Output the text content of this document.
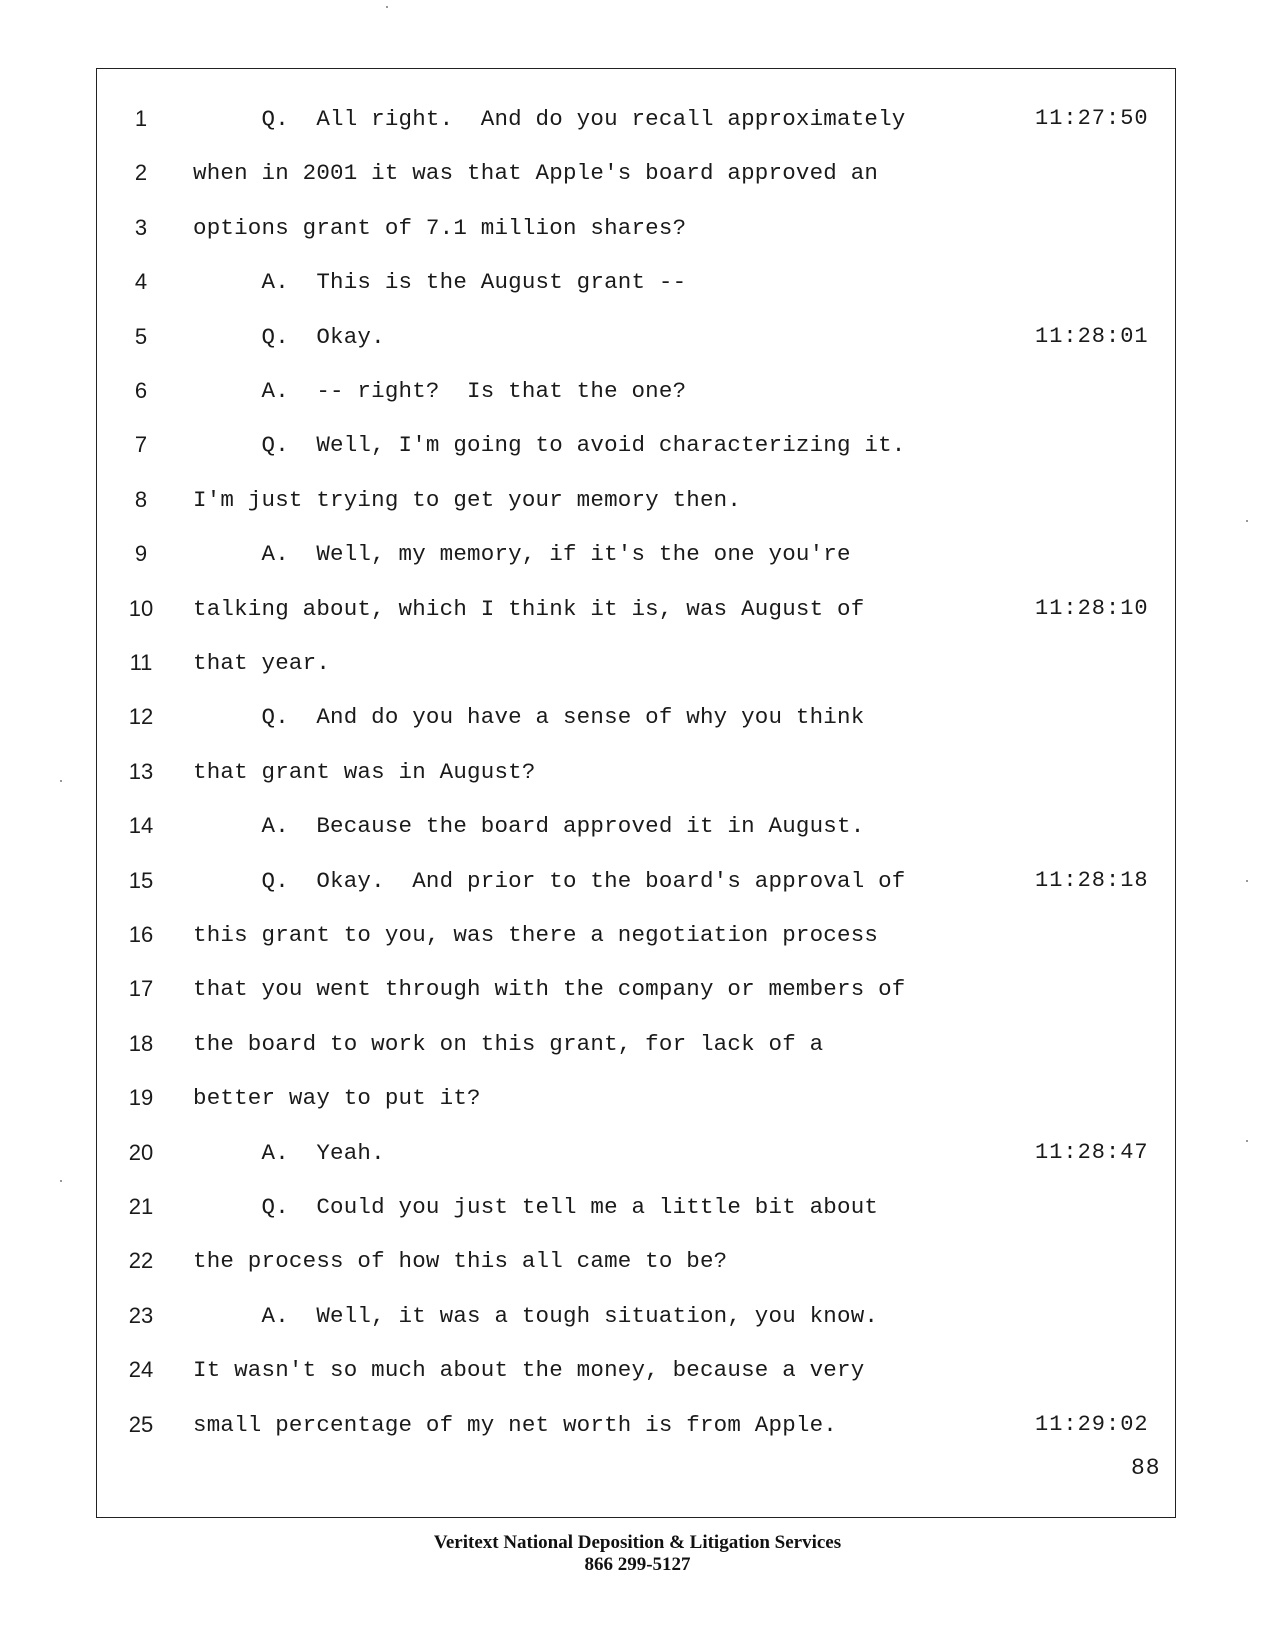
1	Q.  All right.  And do you recall approximately	11:27:50
2	when in 2001 it was that Apple's board approved an
3	options grant of 7.1 million shares?
4	A.  This is the August grant --
5	Q.  Okay.	11:28:01
6	A.  -- right?  Is that the one?
7	Q.  Well, I'm going to avoid characterizing it.
8	I'm just trying to get your memory then.
9	A.  Well, my memory, if it's the one you're
10	talking about, which I think it is, was August of	11:28:10
11	that year.
12	Q.  And do you have a sense of why you think
13	that grant was in August?
14	A.  Because the board approved it in August.
15	Q.  Okay.  And prior to the board's approval of	11:28:18
16	this grant to you, was there a negotiation process
17	that you went through with the company or members of
18	the board to work on this grant, for lack of a
19	better way to put it?
20	A.  Yeah.	11:28:47
21	Q.  Could you just tell me a little bit about
22	the process of how this all came to be?
23	A.  Well, it was a tough situation, you know.
24	It wasn't so much about the money, because a very
25	small percentage of my net worth is from Apple.	11:29:02
88
Veritext National Deposition & Litigation Services
866 299-5127
